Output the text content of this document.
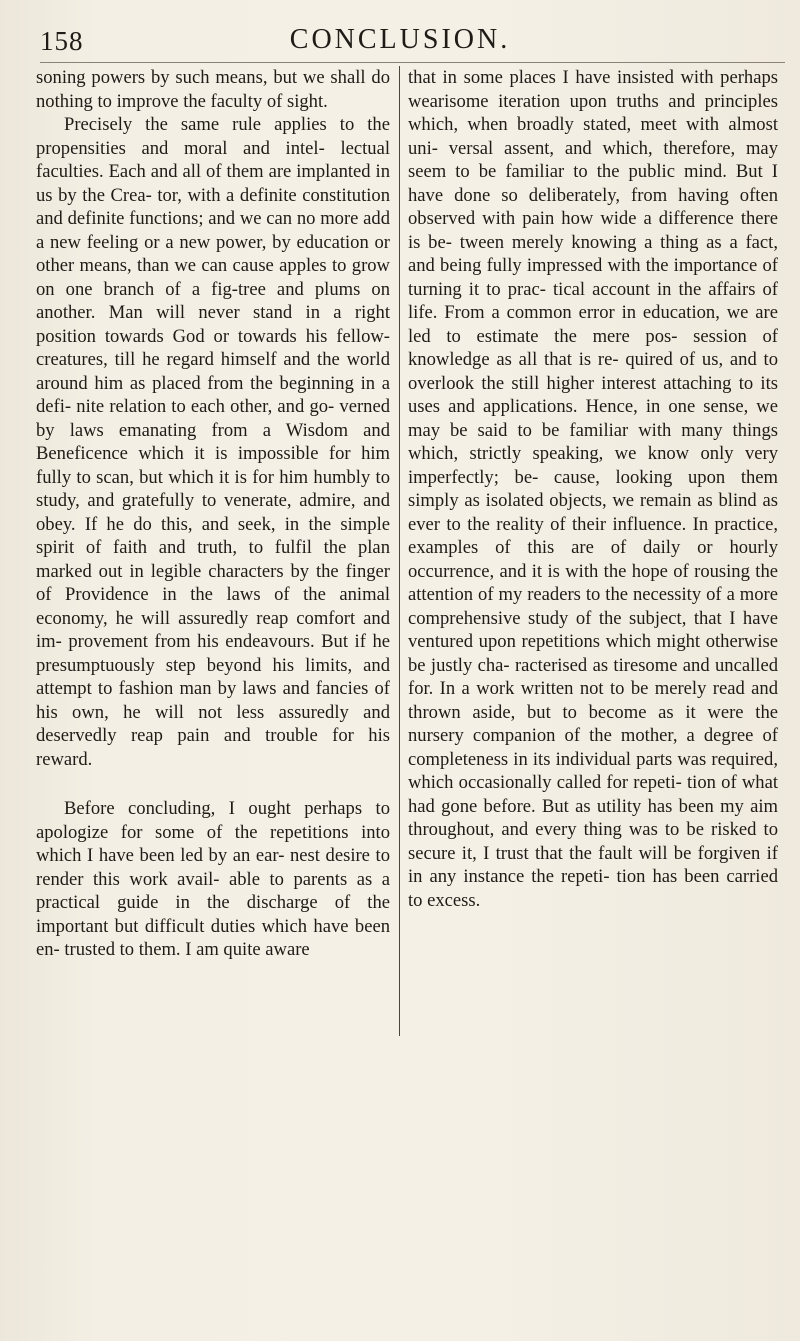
158	CONCLUSION.

soning powers by such means, but we shall do nothing to improve the faculty of sight.

Precisely the same rule applies to the propensities and moral and intel- lectual faculties. Each and all of them are implanted in us by the Crea- tor, with a definite constitution and definite functions; and we can no more add a new feeling or a new power, by education or other means, than we can cause apples to grow on one branch of a fig-tree and plums on another. Man will never stand in a right position towards God or towards his fellow-creatures, till he regard himself and the world around him as placed from the beginning in a defi- nite relation to each other, and go- verned by laws emanating from a Wisdom and Beneficence which it is impossible for him fully to scan, but which it is for him humbly to study, and gratefully to venerate, admire, and obey. If he do this, and seek, in the simple spirit of faith and truth, to fulfil the plan marked out in legible characters by the finger of Providence in the laws of the animal economy, he will assuredly reap comfort and im- provement from his endeavours. But if he presumptuously step beyond his limits, and attempt to fashion man by laws and fancies of his own, he will not less assuredly and deservedly reap pain and trouble for his reward.

Before concluding, I ought perhaps to apologize for some of the repetitions into which I have been led by an ear- nest desire to render this work avail- able to parents as a practical guide in the discharge of the important but difficult duties which have been en- trusted to them. I am quite aware

that in some places I have insisted with perhaps wearisome iteration upon truths and principles which, when broadly stated, meet with almost uni- versal assent, and which, therefore, may seem to be familiar to the public mind. But I have done so deliberately, from having often observed with pain how wide a difference there is be- tween merely knowing a thing as a fact, and being fully impressed with the importance of turning it to prac- tical account in the affairs of life. From a common error in education, we are led to estimate the mere pos- session of knowledge as all that is re- quired of us, and to overlook the still higher interest attaching to its uses and applications. Hence, in one sense, we may be said to be familiar with many things which, strictly speaking, we know only very imperfectly; be- cause, looking upon them simply as isolated objects, we remain as blind as ever to the reality of their influence. In practice, examples of this are of daily or hourly occurrence, and it is with the hope of rousing the attention of my readers to the necessity of a more comprehensive study of the subject, that I have ventured upon repetitions which might otherwise be justly cha- racterised as tiresome and uncalled for. In a work written not to be merely read and thrown aside, but to become as it were the nursery companion of the mother, a degree of completeness in its individual parts was required, which occasionally called for repeti- tion of what had gone before. But as utility has been my aim throughout, and every thing was to be risked to secure it, I trust that the fault will be forgiven if in any instance the repeti- tion has been carried to excess.
